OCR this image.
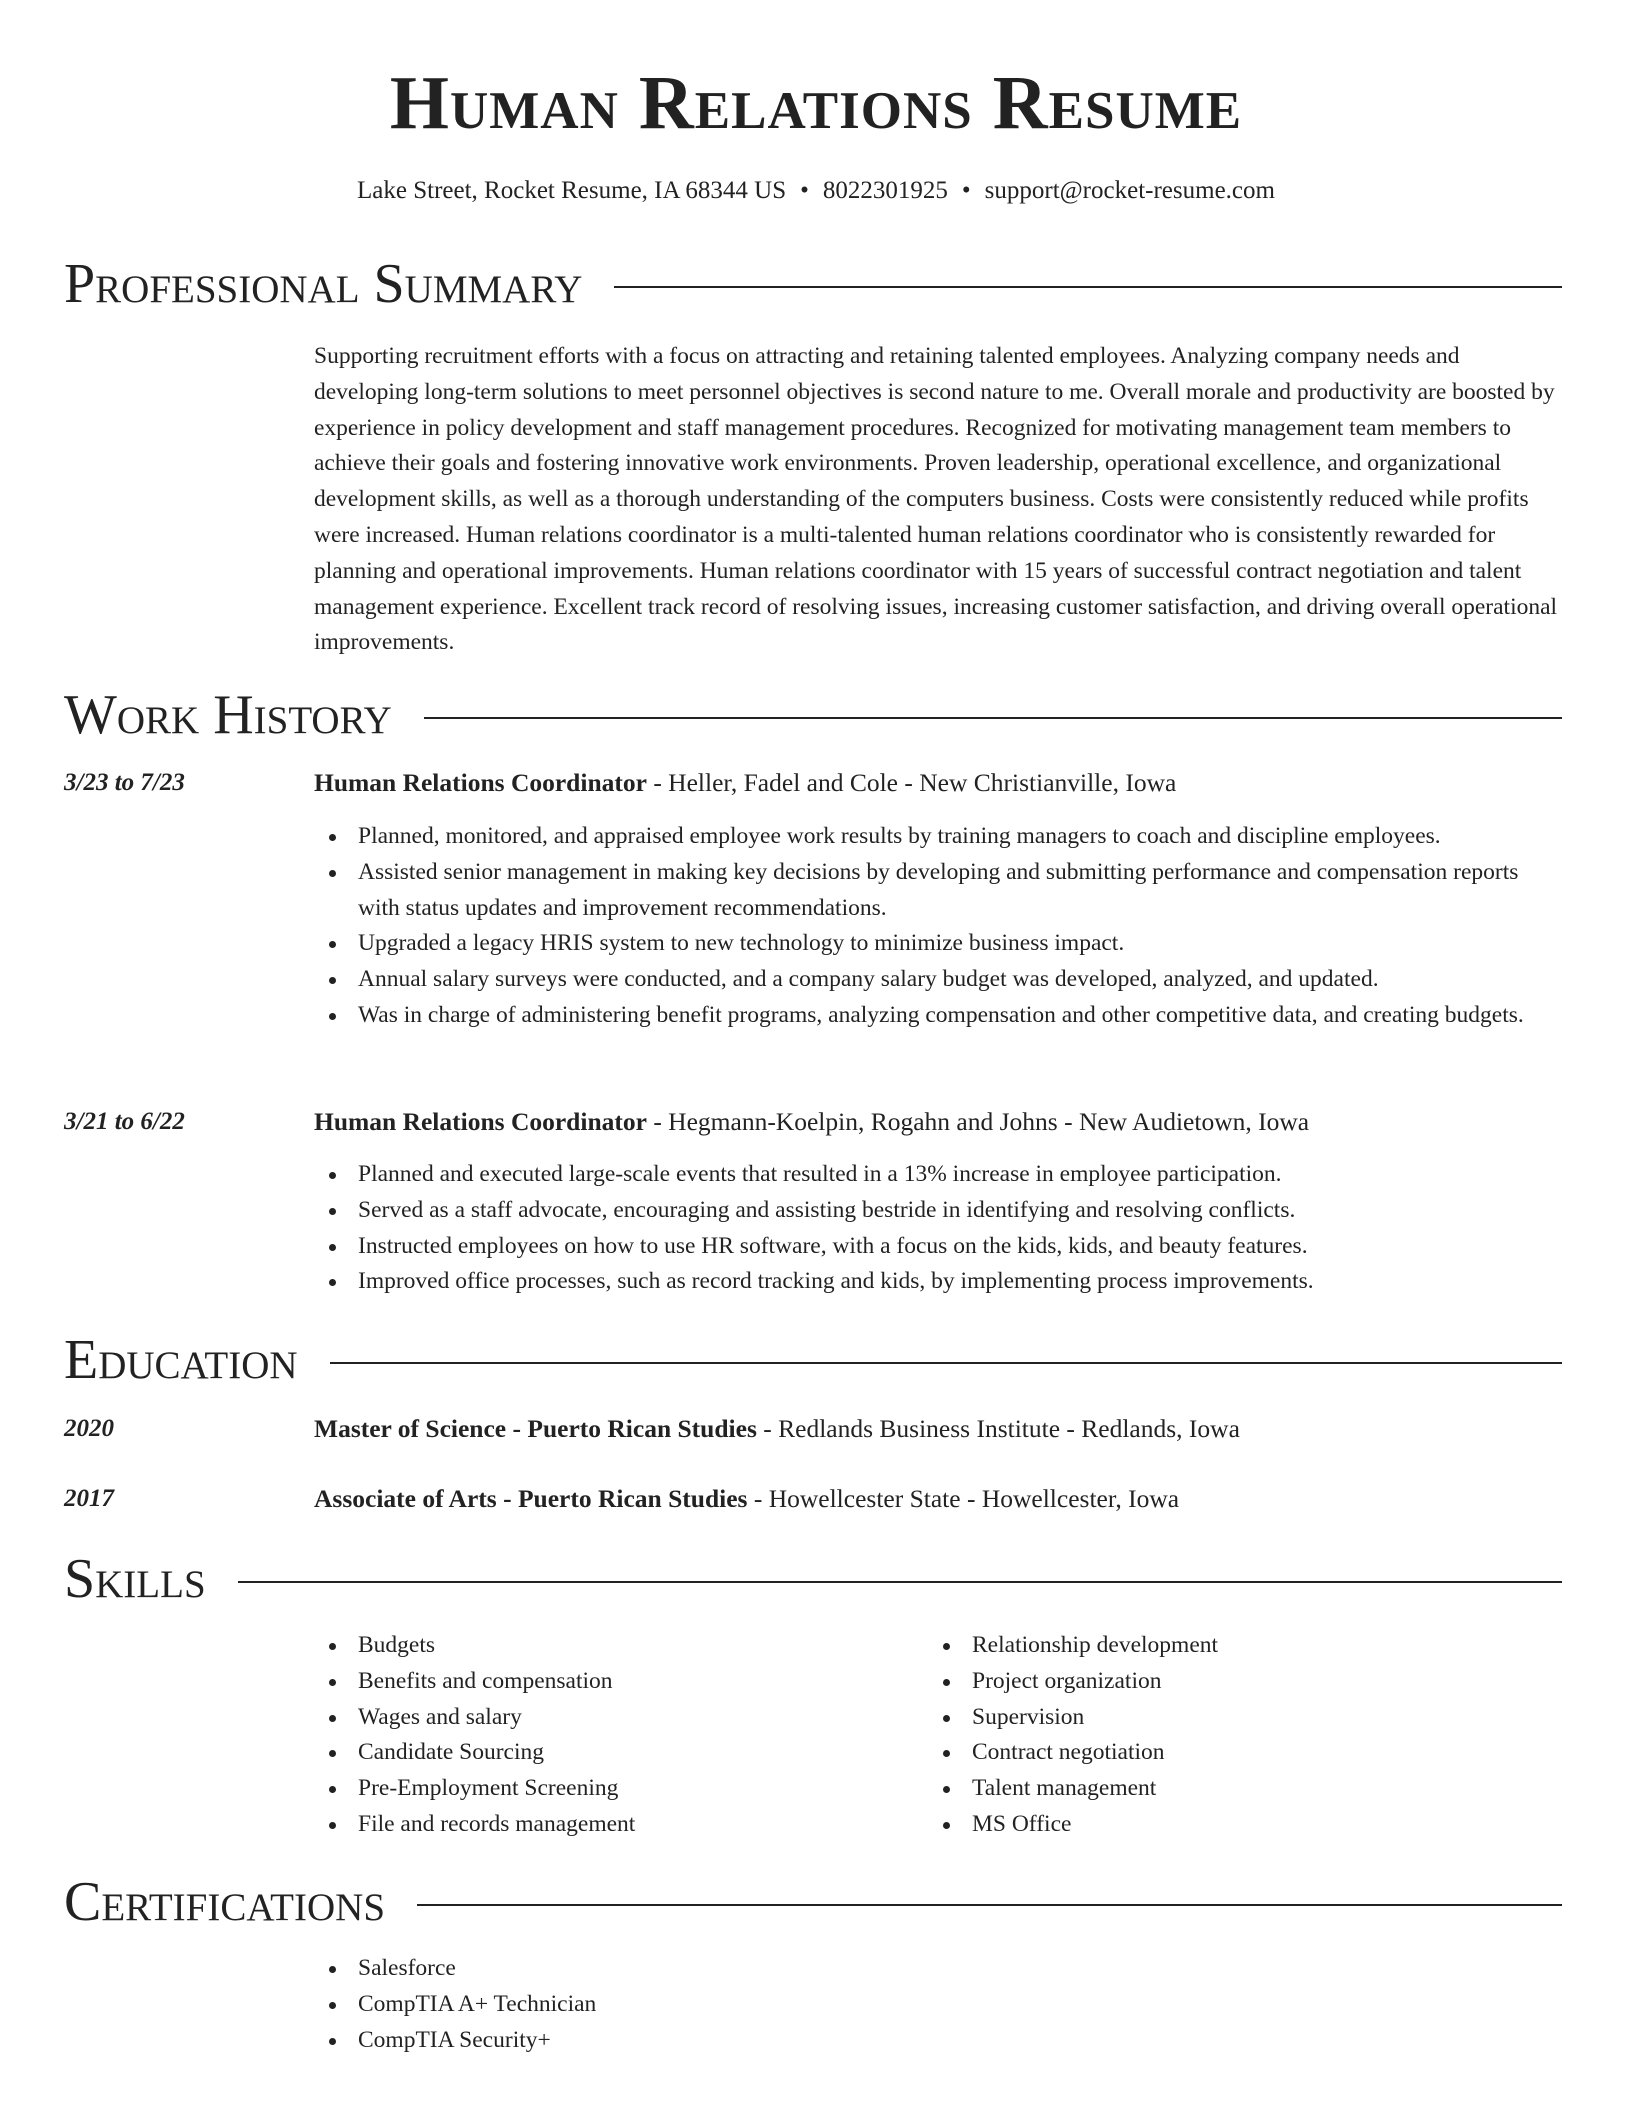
Human Relations Resume
Lake Street, Rocket Resume, IA 68344 US • 8022301925 • support@rocket-resume.com
Professional Summary

Supporting recruitment efforts with a focus on attracting and retaining talented employees. Analyzing company needs and developing long-term solutions to meet personnel objectives is second nature to me. Overall morale and productivity are boosted by experience in policy development and staff management procedures. Recognized for motivating management team members to achieve their goals and fostering innovative work environments. Proven leadership, operational excellence, and organizational development skills, as well as a thorough understanding of the computers business. Costs were consistently reduced while profits were increased. Human relations coordinator is a multi-talented human relations coordinator who is consistently rewarded for planning and operational improvements. Human relations coordinator with 15 years of successful contract negotiation and talent management experience. Excellent track record of resolving issues, increasing customer satisfaction, and driving overall operational improvements.

Work History
3/23 to 7/23	Human Relations Coordinator - Heller, Fadel and Cole - New Christianville, Iowa
Planned, monitored, and appraised employee work results by training managers to coach and discipline employees.
Assisted senior management in making key decisions by developing and submitting performance and compensation reports with status updates and improvement recommendations.
Upgraded a legacy HRIS system to new technology to minimize business impact.
Annual salary surveys were conducted, and a company salary budget was developed, analyzed, and updated.
Was in charge of administering benefit programs, analyzing compensation and other competitive data, and creating budgets.
3/21 to 6/22	Human Relations Coordinator - Hegmann-Koelpin, Rogahn and Johns - New Audietown, Iowa
Planned and executed large-scale events that resulted in a 13% increase in employee participation.
Served as a staff advocate, encouraging and assisting bestride in identifying and resolving conflicts.
Instructed employees on how to use HR software, with a focus on the kids, kids, and beauty features.
Improved office processes, such as record tracking and kids, by implementing process improvements.
Education
2020	Master of Science - Puerto Rican Studies - Redlands Business Institute - Redlands, Iowa
2017	Associate of Arts - Puerto Rican Studies - Howellcester State - Howellcester, Iowa
Skills
Budgets
Benefits and compensation
Wages and salary
Candidate Sourcing
Pre-Employment Screening
File and records management
Relationship development
Project organization
Supervision
Contract negotiation
Talent management
MS Office
Certifications
Salesforce
CompTIA A+ Technician
CompTIA Security+
